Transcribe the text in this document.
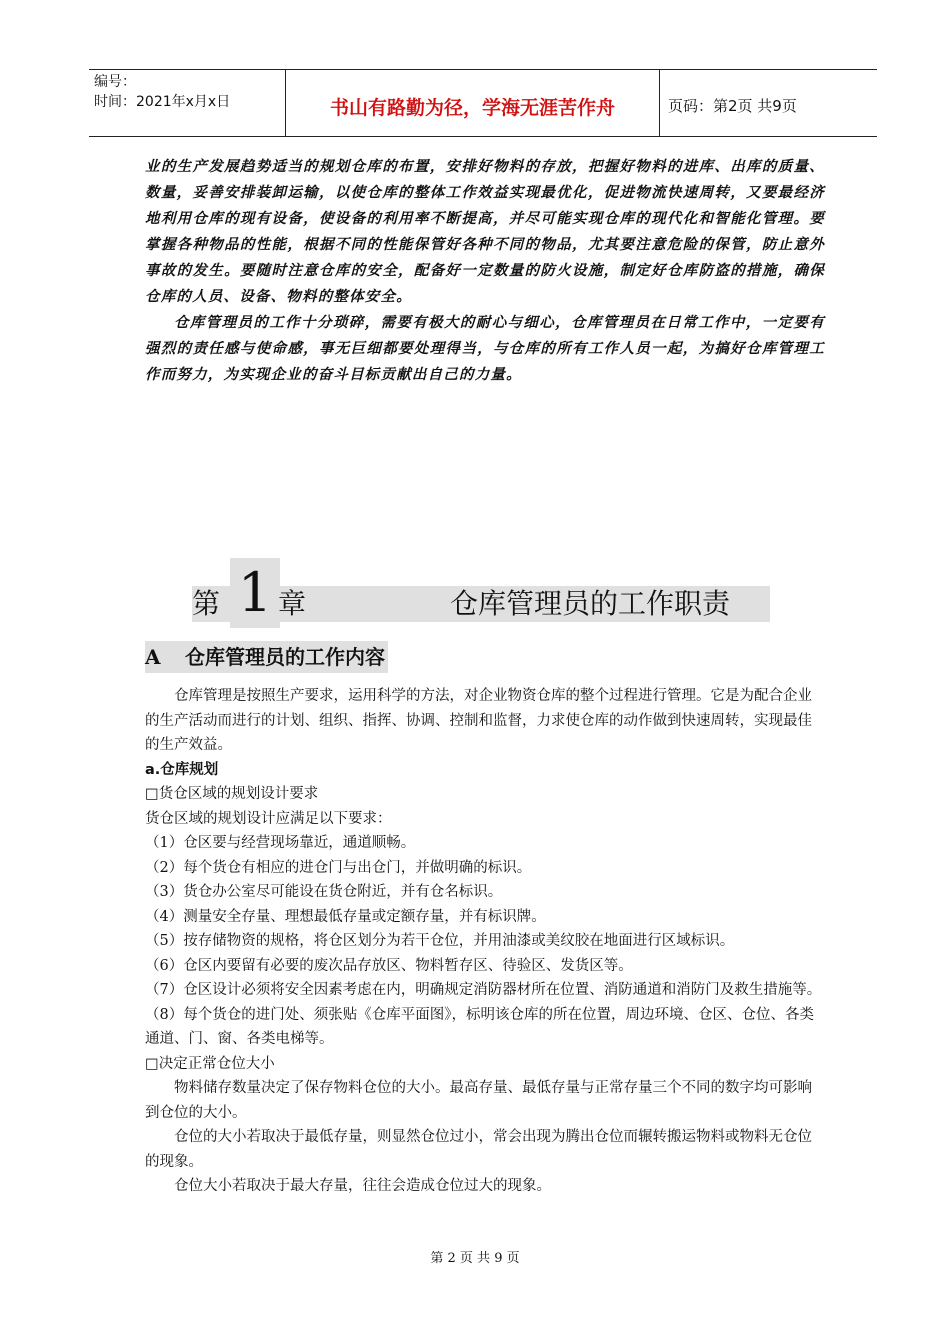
编号：
时间：2021年x月x日	书山有路勤为径，学海无涯苦作舟	页码：第2页 共9页

业的生产发展趋势适当的规划仓库的布置，安排好物料的存放，把握好物料的进库、出库的质量、数量，妥善安排装卸运输，以使仓库的整体工作效益实现最优化，促进物流快速周转，又要最经济地利用仓库的现有设备，使设备的利用率不断提高，并尽可能实现仓库的现代化和智能化管理。要掌握各种物品的性能，根据不同的性能保管好各种不同的物品，尤其要注意危险的保管，防止意外事故的发生。要随时注意仓库的安全，配备好一定数量的防火设施，制定好仓库防盗的措施，确保仓库的人员、设备、物料的整体安全。

仓库管理员的工作十分琐碎，需要有极大的耐心与细心，仓库管理员在日常工作中，一定要有强烈的责任感与使命感，事无巨细都要处理得当，与仓库的所有工作人员一起，为搞好仓库管理工作而努力，为实现企业的奋斗目标贡献出自己的力量。

第 1 章	仓库管理员的工作职责
A 仓库管理员的工作内容

仓库管理是按照生产要求，运用科学的方法，对企业物资仓库的整个过程进行管理。它是为配合企业的生产活动而进行的计划、组织、指挥、协调、控制和监督，力求使仓库的动作做到快速周转，实现最佳的生产效益。

a.仓库规划

□货仓区域的规划设计要求

货仓区域的规划设计应满足以下要求：

（1）仓区要与经营现场靠近，通道顺畅。

（2）每个货仓有相应的进仓门与出仓门，并做明确的标识。

（3）货仓办公室尽可能设在货仓附近，并有仓名标识。

（4）测量安全存量、理想最低存量或定额存量，并有标识牌。

（5）按存储物资的规格，将仓区划分为若干仓位，并用油漆或美纹胶在地面进行区域标识。

（6）仓区内要留有必要的废次品存放区、物料暂存区、待验区、发货区等。

（7）仓区设计必须将安全因素考虑在内，明确规定消防器材所在位置、消防通道和消防门及救生措施等。

（8）每个货仓的进门处、须张贴《仓库平面图》，标明该仓库的所在位置，周边环境、仓区、仓位、各类通道、门、窗、各类电梯等。

□决定正常仓位大小

物料储存数量决定了保存物料仓位的大小。最高存量、最低存量与正常存量三个不同的数字均可影响到仓位的大小。

仓位的大小若取决于最低存量，则显然仓位过小，常会出现为腾出仓位而辗转搬运物料或物料无仓位的现象。

仓位大小若取决于最大存量，往往会造成仓位过大的现象。

第 2 页 共 9 页
